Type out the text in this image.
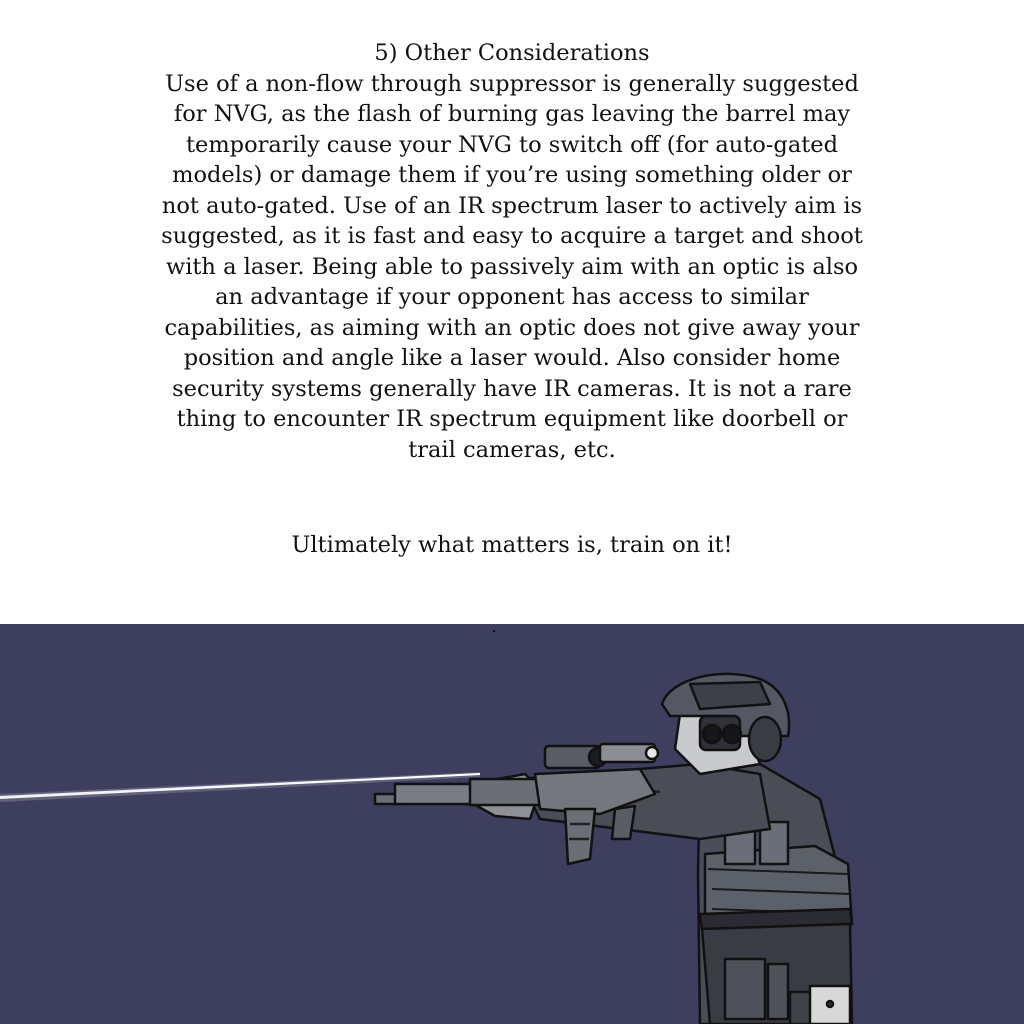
5) Other Considerations
Use of a non-flow through suppressor is generally suggested
for NVG, as the flash of burning gas leaving the barrel may
temporarily cause your NVG to switch off (for auto-gated
models) or damage them if you’re using something older or
not auto-gated. Use of an IR spectrum laser to actively aim is
suggested, as it is fast and easy to acquire a target and shoot
with a laser. Being able to passively aim with an optic is also
an advantage if your opponent has access to similar
capabilities, as aiming with an optic does not give away your
position and angle like a laser would. Also consider home
security systems generally have IR cameras. It is not a rare
thing to encounter IR spectrum equipment like doorbell or
trail cameras, etc.
Ultimately what matters is, train on it!
